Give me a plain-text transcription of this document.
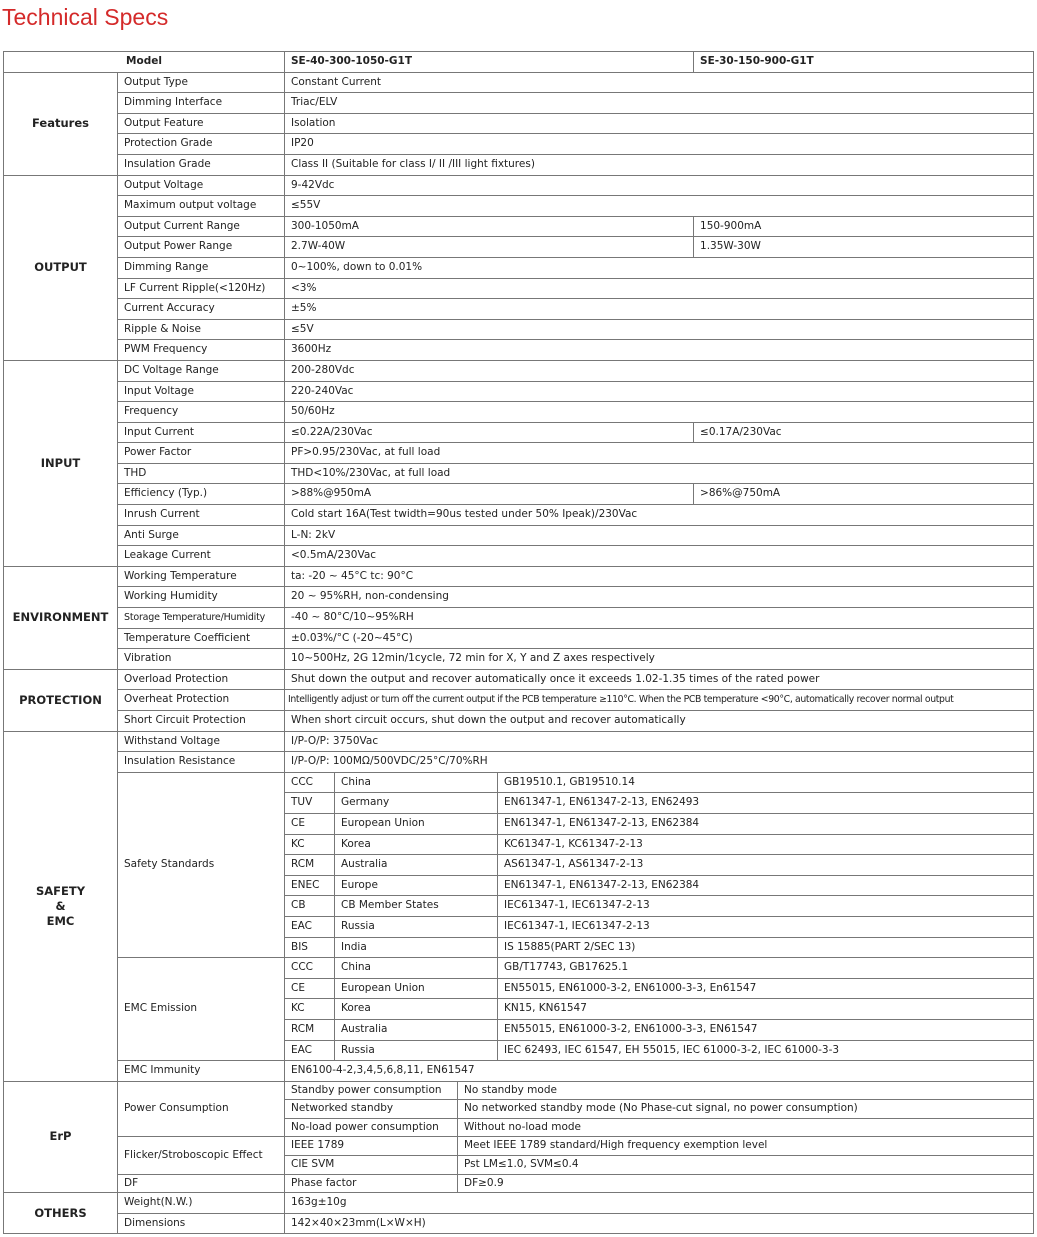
Technical Specs
Model		SE-40-300-1050-G1T				SE-30-150-900-G1T
Features	Output Type	Constant Current				
	Dimming Interface	Triac/ELV				
	Output Feature	Isolation				
	Protection Grade	IP20				
	Insulation Grade	Class II (Suitable for class I/ II /III light fixtures)				
OUTPUT	Output Voltage	9-42Vdc				
	Maximum output voltage	≤55V				
	Output Current Range	300-1050mA				150-900mA
	Output Power Range	2.7W-40W				1.35W-30W
	Dimming Range	0~100%, down to 0.01%				
	LF Current Ripple(<120Hz)	<3%				
	Current Accuracy	±5%				
	Ripple & Noise	≤5V				
	PWM Frequency	3600Hz				
INPUT	DC Voltage Range	200-280Vdc				
	Input Voltage	220-240Vac				
	Frequency	50/60Hz				
	Input Current	≤0.22A/230Vac				≤0.17A/230Vac
	Power Factor	PF>0.95/230Vac, at full load				
	THD	THD<10%/230Vac, at full load				
	Efficiency (Typ.)	>88%@950mA				>86%@750mA
	Inrush Current	Cold start 16A(Test twidth=90us tested under 50% Ipeak)/230Vac				
	Anti Surge	L-N: 2kV				
	Leakage Current	<0.5mA/230Vac				
ENVIRONMENT	Working Temperature	ta: -20 ~ 45°C tc: 90°C				
	Working Humidity	20 ~ 95%RH, non-condensing				
	Storage Temperature/Humidity	-40 ~ 80°C/10~95%RH				
	Temperature Coefficient	±0.03%/°C (-20~45°C)				
	Vibration	10~500Hz, 2G 12min/1cycle, 72 min for X, Y and Z axes respectively				
PROTECTION	Overload Protection	Shut down the output and recover automatically once it exceeds 1.02-1.35 times of the rated power				
	Overheat Protection	Intelligently adjust or turn off the current output if the PCB temperature ≥110°C. When the PCB temperature <90°C, automatically recover normal output				
	Short Circuit Protection	When short circuit occurs, shut down the output and recover automatically				
SAFETY
&
EMC	Withstand Voltage	I/P-O/P: 3750Vac				
	Insulation Resistance	I/P-O/P: 100MΩ/500VDC/25°C/70%RH				
	Safety Standards	CCC	China		GB19510.1, GB19510.14	
		TUV	Germany		EN61347-1, EN61347-2-13, EN62493	
		CE	European Union		EN61347-1, EN61347-2-13, EN62384	
		KC	Korea		KC61347-1, KC61347-2-13	
		RCM	Australia		AS61347-1, AS61347-2-13	
		ENEC	Europe		EN61347-1, EN61347-2-13, EN62384	
		CB	CB Member States		IEC61347-1, IEC61347-2-13	
		EAC	Russia		IEC61347-1, IEC61347-2-13	
		BIS	India		IS 15885(PART 2/SEC 13)	
	EMC Emission	CCC	China		GB/T17743, GB17625.1	
		CE	European Union		EN55015, EN61000-3-2, EN61000-3-3, En61547	
		KC	Korea		KN15, KN61547	
		RCM	Australia		EN55015, EN61000-3-2, EN61000-3-3, EN61547	
		EAC	Russia		IEC 62493, IEC 61547, EH 55015, IEC 61000-3-2, IEC 61000-3-3	
	EMC Immunity	EN6100-4-2,3,4,5,6,8,11, EN61547				
ErP	Power Consumption	Standby power consumption		No standby mode		
		Networked standby		No networked standby mode (No Phase-cut signal, no power consumption)		
		No-load power consumption		Without no-load mode		
	Flicker/Stroboscopic Effect	IEEE 1789		Meet IEEE 1789 standard/High frequency exemption level		
		CIE SVM		Pst LM≤1.0, SVM≤0.4		
	DF	Phase factor		DF≥0.9		
OTHERS	Weight(N.W.)	163g±10g				
	Dimensions	142×40×23mm(L×W×H)				
